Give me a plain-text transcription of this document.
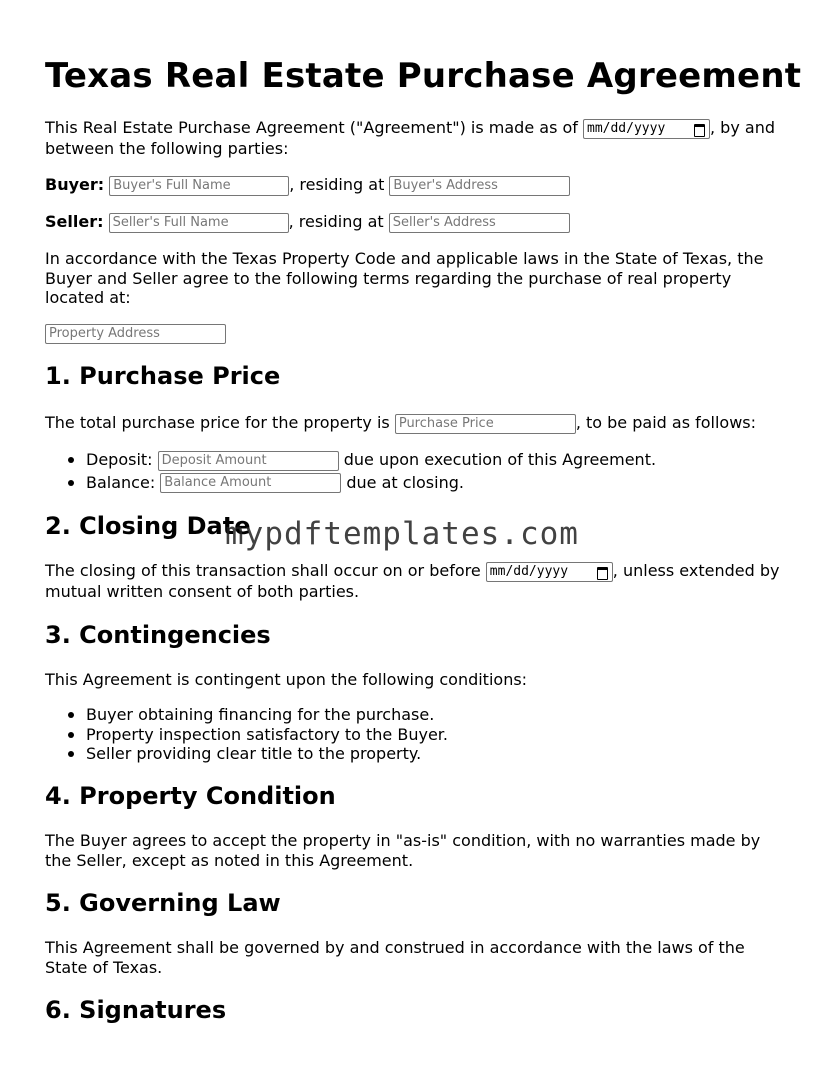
Texas Real Estate Purchase Agreement

This Real Estate Purchase Agreement ("Agreement") is made as of mm/dd/yyyy	, by and between the following parties:

Buyer: Buyer's Full Name	, residing at Buyer's Address
Seller: Seller's Full Name	, residing at Seller's Address

In accordance with the Texas Property Code and applicable laws in the State of Texas, the Buyer and Seller agree to the following terms regarding the purchase of real property located at:

Property Address
1. Purchase Price
The total purchase price for the property is Purchase Price	, to be paid as follows:
Deposit: Deposit Amount	due upon execution of this Agreement.
Balance: Balance Amount	due at closing.
2. Closing Date

The closing of this transaction shall occur on or before mm/dd/yyyy	, unless extended by mutual written consent of both parties.

3. Contingencies

This Agreement is contingent upon the following conditions:

Buyer obtaining financing for the purchase.
Property inspection satisfactory to the Buyer.
Seller providing clear title to the property.
4. Property Condition

The Buyer agrees to accept the property in "as-is" condition, with no warranties made by the Seller, except as noted in this Agreement.

5. Governing Law

This Agreement shall be governed by and construed in accordance with the laws of the State of Texas.

6. Signatures
mypdftemplates.com
